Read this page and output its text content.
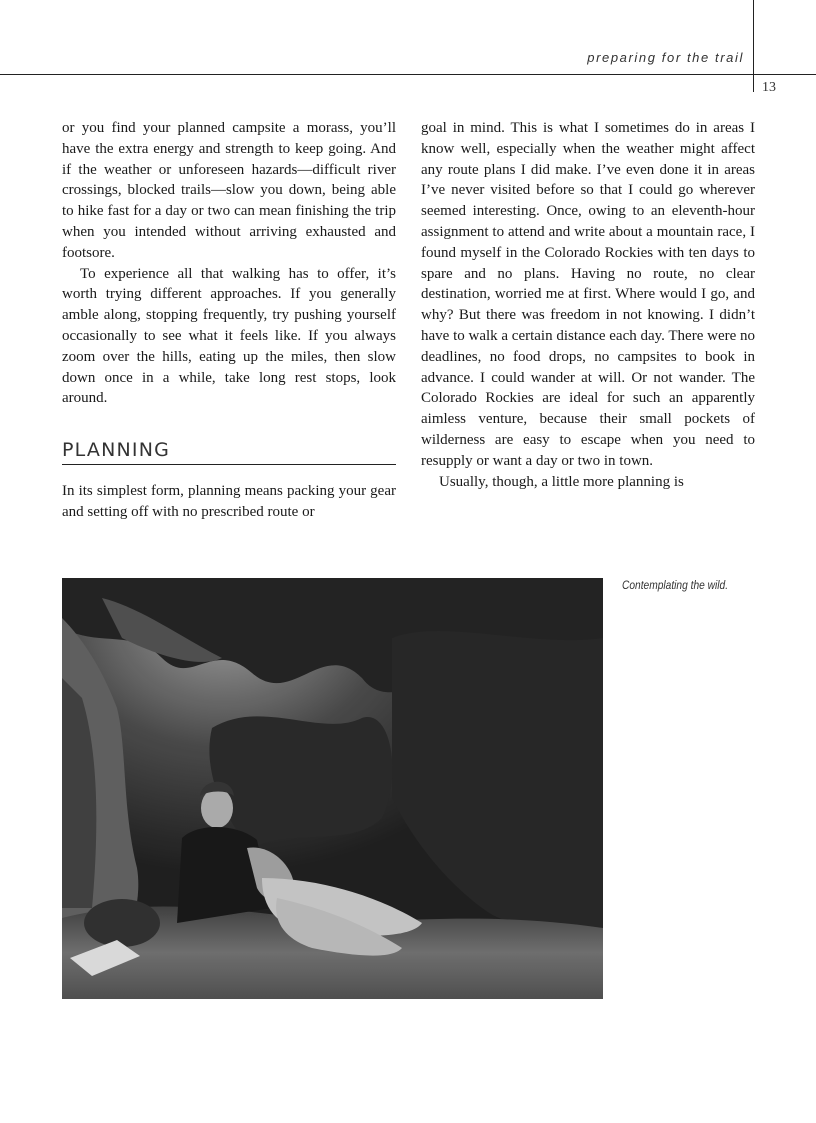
preparing for the trail
13

or you find your planned campsite a morass, you’ll have the extra energy and strength to keep going. And if the weather or unforeseen hazards—difficult river crossings, blocked trails—slow you down, being able to hike fast for a day or two can mean finishing the trip when you intended without arriving exhausted and footsore.

To experience all that walking has to offer, it’s worth trying different approaches. If you generally amble along, stopping frequently, try pushing yourself occasionally to see what it feels like. If you always zoom over the hills, eating up the miles, then slow down once in a while, take long rest stops, look around.

PLANNING

In its simplest form, planning means packing your gear and setting off with no prescribed route or

goal in mind. This is what I sometimes do in areas I know well, especially when the weather might affect any route plans I did make. I’ve even done it in areas I’ve never visited before so that I could go wherever seemed interesting. Once, owing to an eleventh-hour assignment to attend and write about a mountain race, I found myself in the Colorado Rockies with ten days to spare and no plans. Having no route, no clear destination, worried me at first. Where would I go, and why? But there was freedom in not knowing. I didn’t have to walk a certain distance each day. There were no deadlines, no food drops, no campsites to book in advance. I could wander at will. Or not wander. The Colorado Rockies are ideal for such an apparently aimless venture, because their small pockets of wilderness are easy to escape when you need to resupply or want a day or two in town.

Usually, though, a little more planning is

Contemplating the wild.
